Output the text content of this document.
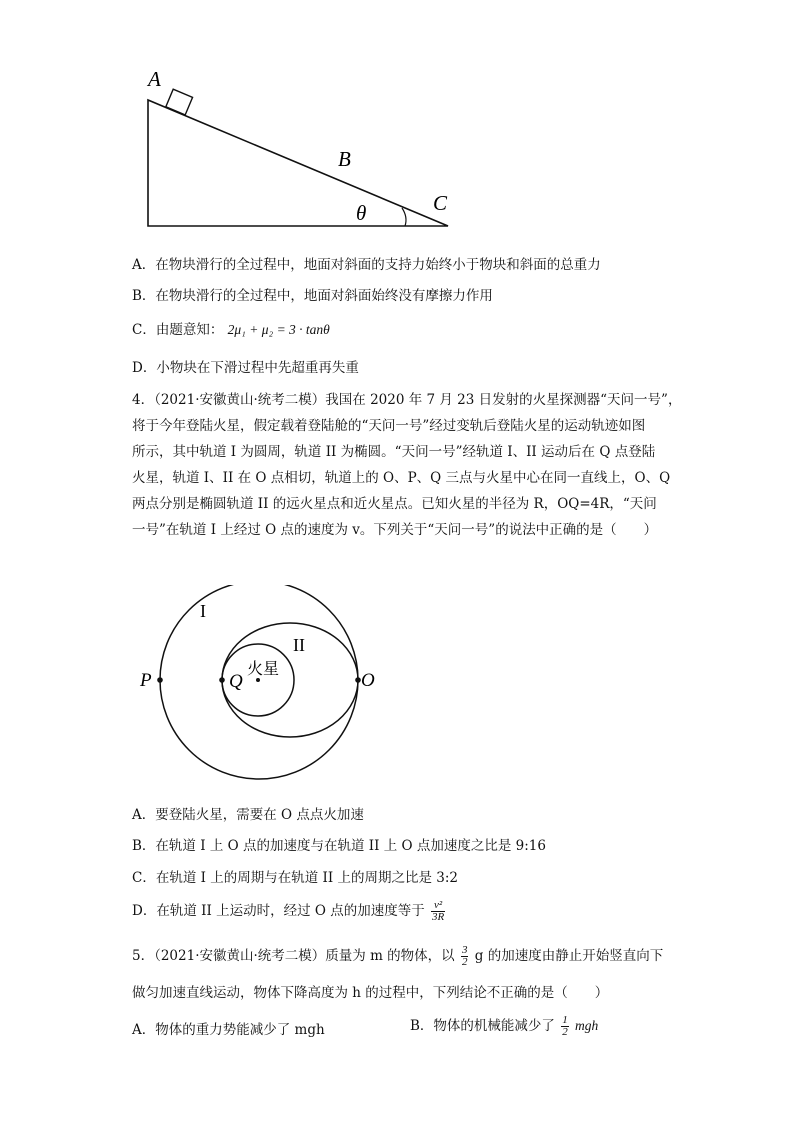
A
B
C
θ
A．在物块滑行的全过程中，地面对斜面的支持力始终小于物块和斜面的总重力
B．在物块滑行的全过程中，地面对斜面始终没有摩擦力作用
C．由题意知： 2μ₁ + μ₂ = 3 · tanθ
D．小物块在下滑过程中先超重再失重
4．（2021·安徽黄山·统考二模）我国在 2020 年 7 月 23 日发射的火星探测器“天问一号”，
将于今年登陆火星，假定载着登陆舱的“天问一号”经过变轨后登陆火星的运动轨迹如图
所示，其中轨道 I 为圆周，轨道 II 为椭圆。“天问一号”经轨道 I、II 运动后在 Q 点登陆
火星，轨道 I、II 在 O 点相切，轨道上的 O、P、Q 三点与火星中心在同一直线上，O、Q
两点分别是椭圆轨道 II 的远火星点和近火星点。已知火星的半径为 R，OQ=4R，“天问
一号”在轨道 I 上经过 O 点的速度为 v。下列关于“天问一号”的说法中正确的是（　　）
I
II
火星
P	Q	O
A．要登陆火星，需要在 O 点点火加速
B．在轨道 I 上 O 点的加速度与在轨道 II 上 O 点加速度之比是 9:16
C．在轨道 I 上的周期与在轨道 II 上的周期之比是 3:2
D．在轨道 II 上运动时，经过 O 点的加速度等于 $\frac{\text{v²}}{3R}$
5．（2021·安徽黄山·统考二模）质量为 m 的物体，以 $\frac{3}{2}$ g 的加速度由静止开始竖直向下
做匀加速直线运动，物体下降高度为 h 的过程中，下列结论不正确的是（　　）
A．物体的重力势能减少了 mgh	B．物体的机械能减少了 $\frac{1}{2}$ mgh
